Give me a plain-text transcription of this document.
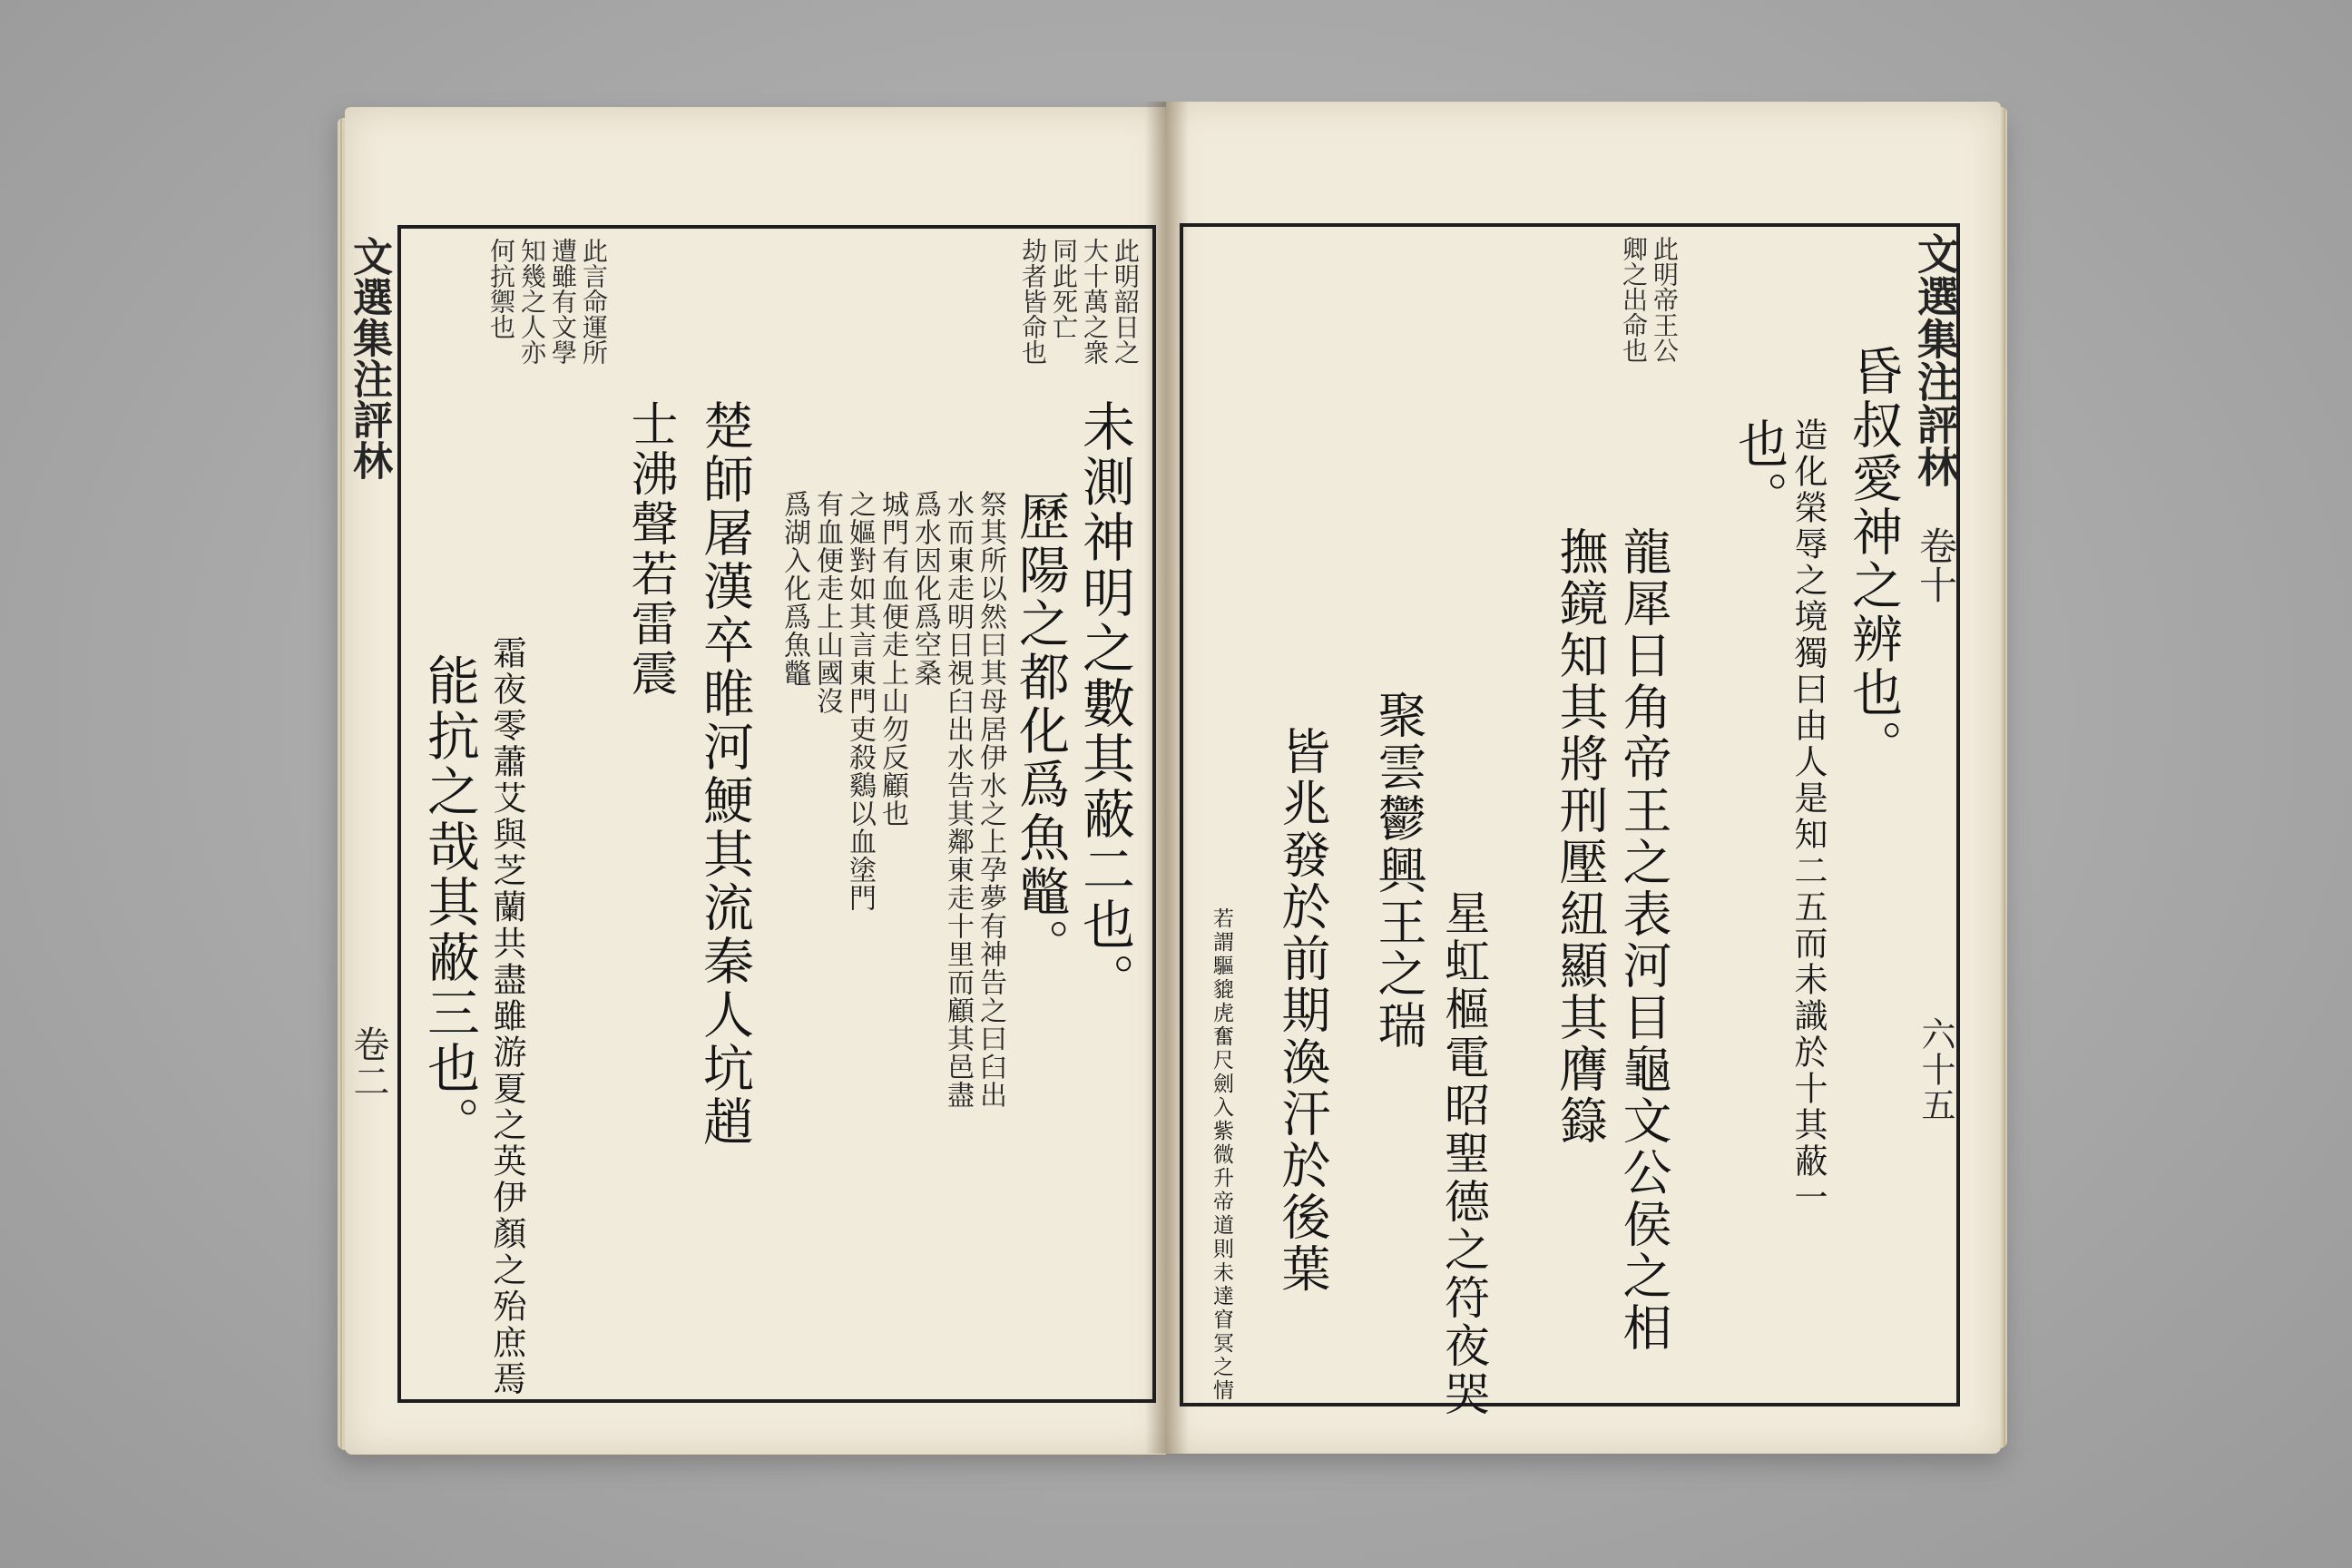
文選集注評林
卷二
此明韶日之
大十萬之衆
同此死亡
劫者皆命也
此言命運所
遭雖有文學
知幾之人亦
何抗禦也
未測神明之數其蔽二也。
歷陽之都化爲魚鼈。
祭其所以然曰其母居伊水之上孕夢有神告之曰臼出
水而東走明日視臼出水告其鄰東走十里而顧其邑盡
爲水因化爲空桑
城門有血便走上山勿反顧也
之嫗對如其言東門吏殺鷄以血塗門
有血便走上山國沒
爲湖入化爲魚鼈
楚師屠漢卒睢河鯁其流秦人坑趙
士沸聲若雷震
霜夜零蕭艾與芝蘭共盡雖游夏之英伊顏之殆庶焉
能抗之哉其蔽三也。
文選集注評林
卷十
六十五
此明帝王公
卿之出命也
昏叔愛神之辨也。
造化榮辱之境獨曰由人是知二五而未識於十其蔽一
也。
龍犀日角帝王之表河目龜文公侯之相
撫鏡知其將刑壓紐顯其膺籙
星虹樞電昭聖德之符夜哭
聚雲鬱興王之瑞
皆兆發於前期渙汗於後葉
若謂驅貔虎奮尺劍入紫微升帝道則未達窅冥之情
